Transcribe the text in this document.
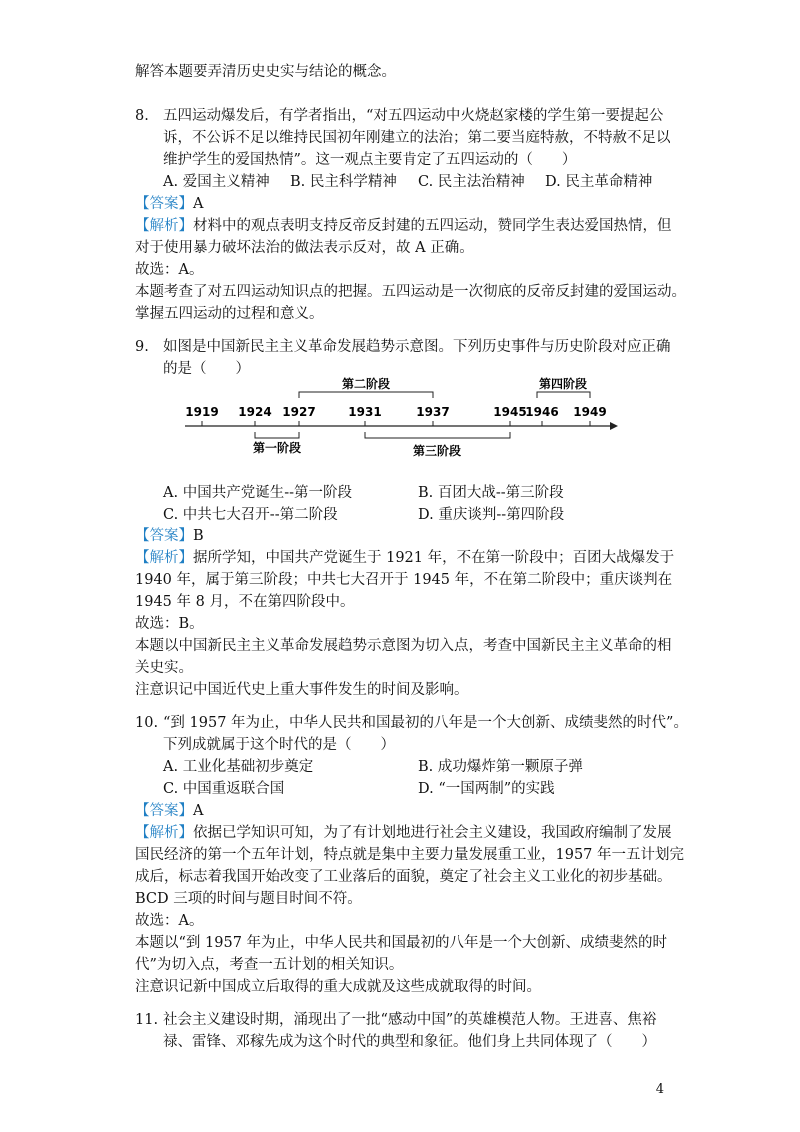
解答本题要弄清历史史实与结论的概念。
8. 五四运动爆发后，有学者指出，“对五四运动中火烧赵家楼的学生第一要提起公
诉，不公诉不足以维持民国初年刚建立的法治；第二要当庭特赦，不特赦不足以
维护学生的爱国热情”。这一观点主要肯定了五四运动的（　　）
A. 爱国主义精神 B. 民主科学精神 C. 民主法治精神 D. 民主革命精神
【答案】A
【解析】材料中的观点表明支持反帝反封建的五四运动，赞同学生表达爱国热情，但
对于使用暴力破坏法治的做法表示反对，故 A 正确。
故选：A。
本题考查了对五四运动知识点的把握。五四运动是一次彻底的反帝反封建的爱国运动。
掌握五四运动的过程和意义。
9. 如图是中国新民主主义革命发展趋势示意图。下列历史事件与历史阶段对应正确
的是（　　）
第二阶段	第四阶段
1919 1924 1927	1931	1937	1945
1946 1949
第一阶段	第三阶段
A. 中国共产党诞生--第一阶段	B. 百团大战--第三阶段
C. 中共七大召开--第二阶段	D. 重庆谈判--第四阶段
【答案】B
【解析】据所学知，中国共产党诞生于 1921 年，不在第一阶段中；百团大战爆发于
1940 年，属于第三阶段；中共七大召开于 1945 年，不在第二阶段中；重庆谈判在
1945 年 8 月，不在第四阶段中。
故选：B。
本题以中国新民主主义革命发展趋势示意图为切入点，考查中国新民主主义革命的相
关史实。
注意识记中国近代史上重大事件发生的时间及影响。
10. “到 1957 年为止，中华人民共和国最初的八年是一个大创新、成绩斐然的时代”。
下列成就属于这个时代的是（　　）
A. 工业化基础初步奠定	B. 成功爆炸第一颗原子弹
C. 中国重返联合国	D. “一国两制”的实践
【答案】A
【解析】依据已学知识可知，为了有计划地进行社会主义建设，我国政府编制了发展
国民经济的第一个五年计划，特点就是集中主要力量发展重工业，1957 年一五计划完
成后，标志着我国开始改变了工业落后的面貌，奠定了社会主义工业化的初步基础。
BCD 三项的时间与题目时间不符。
故选：A。
本题以“到 1957 年为止，中华人民共和国最初的八年是一个大创新、成绩斐然的时
代”为切入点，考查一五计划的相关知识。
注意识记新中国成立后取得的重大成就及这些成就取得的时间。
11. 社会主义建设时期，涌现出了一批“感动中国”的英雄模范人物。王进喜、焦裕
禄、雷锋、邓稼先成为这个时代的典型和象征。他们身上共同体现了（　　）
4
